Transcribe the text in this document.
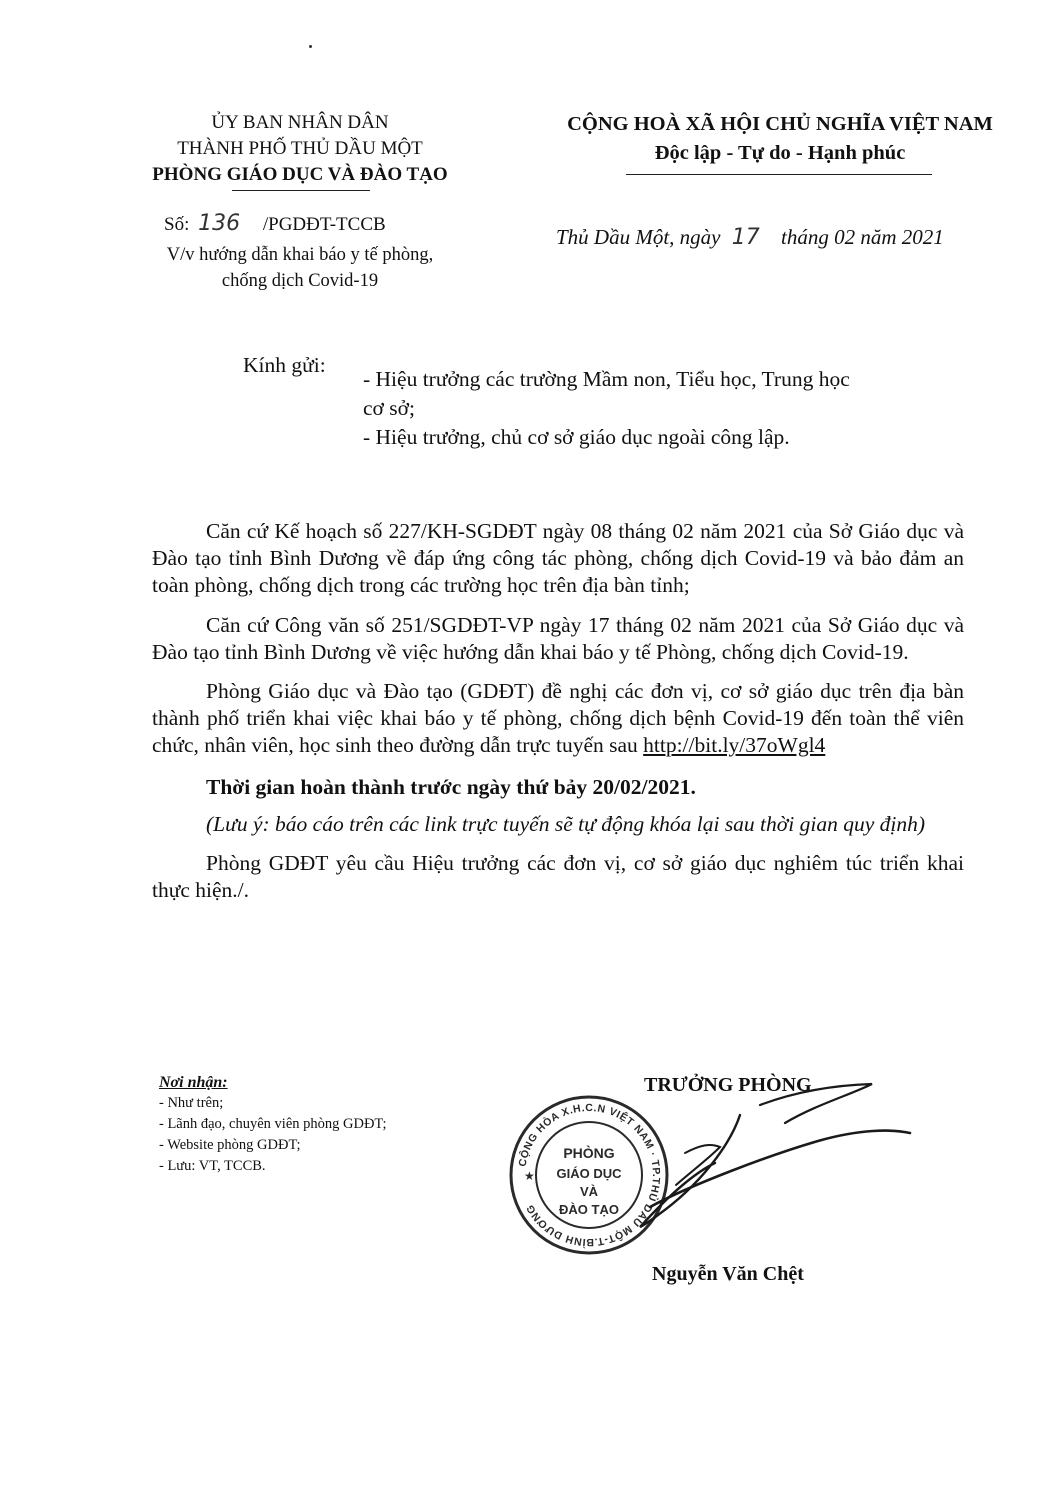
ỦY BAN NHÂN DÂN
THÀNH PHỐ THỦ DẦU MỘT
PHÒNG GIÁO DỤC VÀ ĐÀO TẠO
CỘNG HOÀ XÃ HỘI CHỦ NGHĨA VIỆT NAM
Độc lập - Tự do - Hạnh phúc
Số: 136 /PGDĐT-TCCB
V/v hướng dẫn khai báo y tế phòng,
chống dịch Covid-19
Thủ Dầu Một, ngày 17 tháng 02 năm 2021
Kính gửi:
- Hiệu trưởng các trường Mầm non, Tiểu học, Trung học
cơ sở;
- Hiệu trưởng, chủ cơ sở giáo dục ngoài công lập.

Căn cứ Kế hoạch số 227/KH-SGDĐT ngày 08 tháng 02 năm 2021 của Sở Giáo dục và Đào tạo tỉnh Bình Dương về đáp ứng công tác phòng, chống dịch Covid-19 và bảo đảm an toàn phòng, chống dịch trong các trường học trên địa bàn tỉnh;

Căn cứ Công văn số 251/SGDĐT-VP ngày 17 tháng 02 năm 2021 của Sở Giáo dục và Đào tạo tỉnh Bình Dương về việc hướng dẫn khai báo y tế Phòng, chống dịch Covid-19.

Phòng Giáo dục và Đào tạo (GDĐT) đề nghị các đơn vị, cơ sở giáo dục trên địa bàn thành phố triển khai việc khai báo y tế phòng, chống dịch bệnh Covid-19 đến toàn thể viên chức, nhân viên, học sinh theo đường dẫn trực tuyến sau http://bit.ly/37oWgl4

Thời gian hoàn thành trước ngày thứ bảy 20/02/2021.

(Lưu ý: báo cáo trên các link trực tuyến sẽ tự động khóa lại sau thời gian quy định)

Phòng GDĐT yêu cầu Hiệu trưởng các đơn vị, cơ sở giáo dục nghiêm túc triển khai thực hiện./.

Nơi nhận:
- Như trên;
- Lãnh đạo, chuyên viên phòng GDĐT;
- Website phòng GDĐT;
- Lưu: VT, TCCB.
TRƯỞNG PHÒNG
CỘNG HÒA X.H.C.N VIỆT NAM · TP.THỦ DẦU MỘT-T.BÌNH DƯƠNG
★
PHÒNG
GIÁO DỤC
VÀ
ĐÀO TẠO
Nguyễn Văn Chệt
